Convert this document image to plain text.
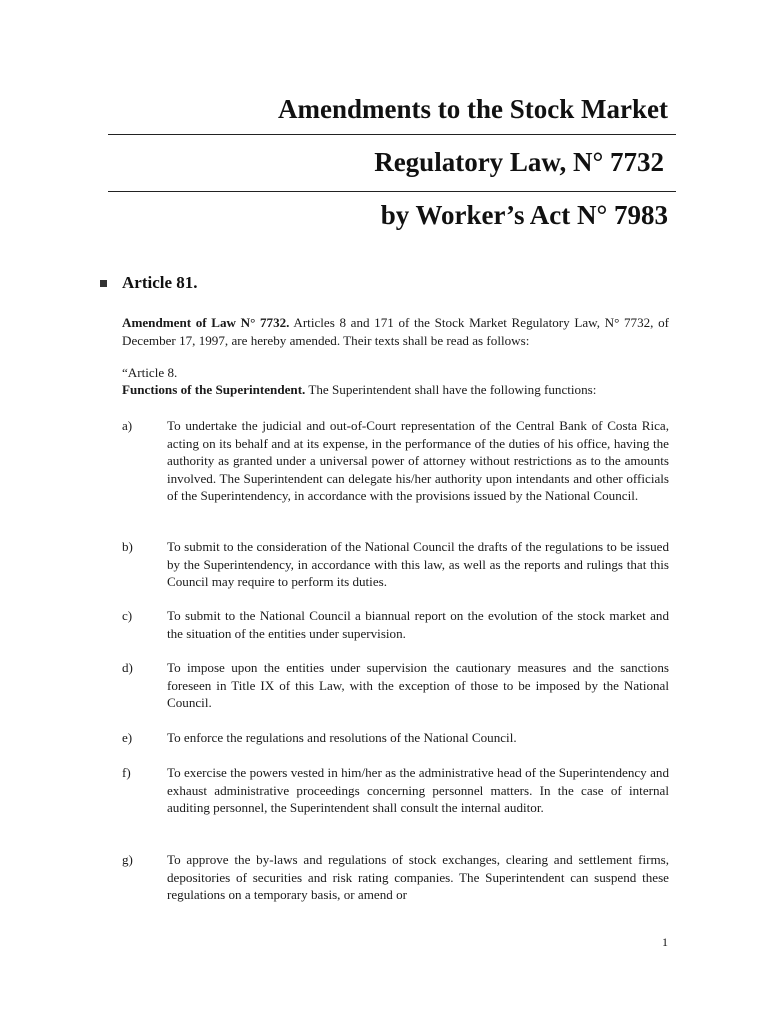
Amendments to the Stock Market
Regulatory Law, N° 7732
by Worker’s Act N° 7983
Article 81.

Amendment of Law N° 7732. Articles 8 and 171 of the Stock Market Regulatory Law, N° 7732, of December 17, 1997, are hereby amended. Their texts shall be read as follows:

“Article 8.

Functions of the Superintendent. The Superintendent shall have the following functions:

a)	To undertake the judicial and out-of-Court representation of the Central Bank of Costa Rica, acting on its behalf and at its expense, in the performance of the duties of his office, having the authority as granted under a universal power of attorney without restrictions as to the amounts involved. The Superintendent can delegate his/her authority upon intendants and other officials of the Superintendency, in accordance with the provisions issued by the National Council.

b)	To submit to the consideration of the National Council the drafts of the regulations to be issued by the Superintendency, in accordance with this law, as well as the reports and rulings that this Council may require to perform its duties.

c)	To submit to the National Council a biannual report on the evolution of the stock market and the situation of the entities under supervision.

d)	To impose upon the entities under supervision the cautionary measures and the sanctions foreseen in Title IX of this Law, with the exception of those to be imposed by the National Council.

e)	To enforce the regulations and resolutions of the National Council.

f)	To exercise the powers vested in him/her as the administrative head of the Superintendency and exhaust administrative proceedings concerning personnel matters. In the case of internal auditing personnel, the Superintendent shall consult the internal auditor.

g)	To approve the by-laws and regulations of stock exchanges, clearing and settlement firms, depositories of securities and risk rating companies. The Superintendent can suspend these regulations on a temporary basis, or amend or

1
